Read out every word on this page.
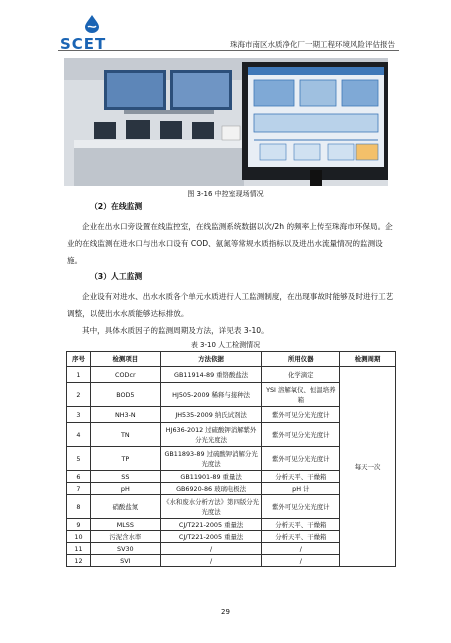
SCET	珠海市南区水质净化厂一期工程环境风险评估报告
图 3-16 中控室现场情况
（2）在线监测
企业在出水口旁设置在线监控室，在线监测系统数据以次/2h 的频率上传至珠海市环保局。企业的在线监测在进水口与出水口设有 COD、氨氮等常规水质指标以及进出水流量情况的监测设施。
（3）人工监测
企业设有对进水、出水水质各个单元水质进行人工监测制度，在出现事故时能够及时进行工艺调整，以使出水水质能够达标排放。
其中，具体水质因子的监测周期及方法，详见表 3-10。
表 3-10 人工检测情况
序号	检测项目	方法依据	所用仪器	检测周期
1	CODcr	GB11914-89 重铬酸盐法	化学滴定	每天一次
2	BOD5	HJ505-2009 稀释与接种法	YSI 溶解氧仪、恒温培养箱	
3	NH3-N	JH535-2009 纳氏试剂法	紫外可见分光光度计	
4	TN	HJ636-2012 过硫酸钾消解紫外分光光度法	紫外可见分光光度计	
5	TP	GB11893-89 过硫酸钾消解分光光度法	紫外可见分光光度计	
6	SS	GB11901-89 重量法	分析天平、干燥箱	
7	pH	GB6920-86 玻璃电极法	pH 计	
8	硝酸盐氮	《水和废水分析方法》第四版分光光度法	紫外可见分光光度计	
9	MLSS	CJ/T221-2005 重量法	分析天平、干燥箱	
10	污泥含水率	CJ/T221-2005 重量法	分析天平、干燥箱	
11	SV30	/	/	
12	SVI	/	/	
29
